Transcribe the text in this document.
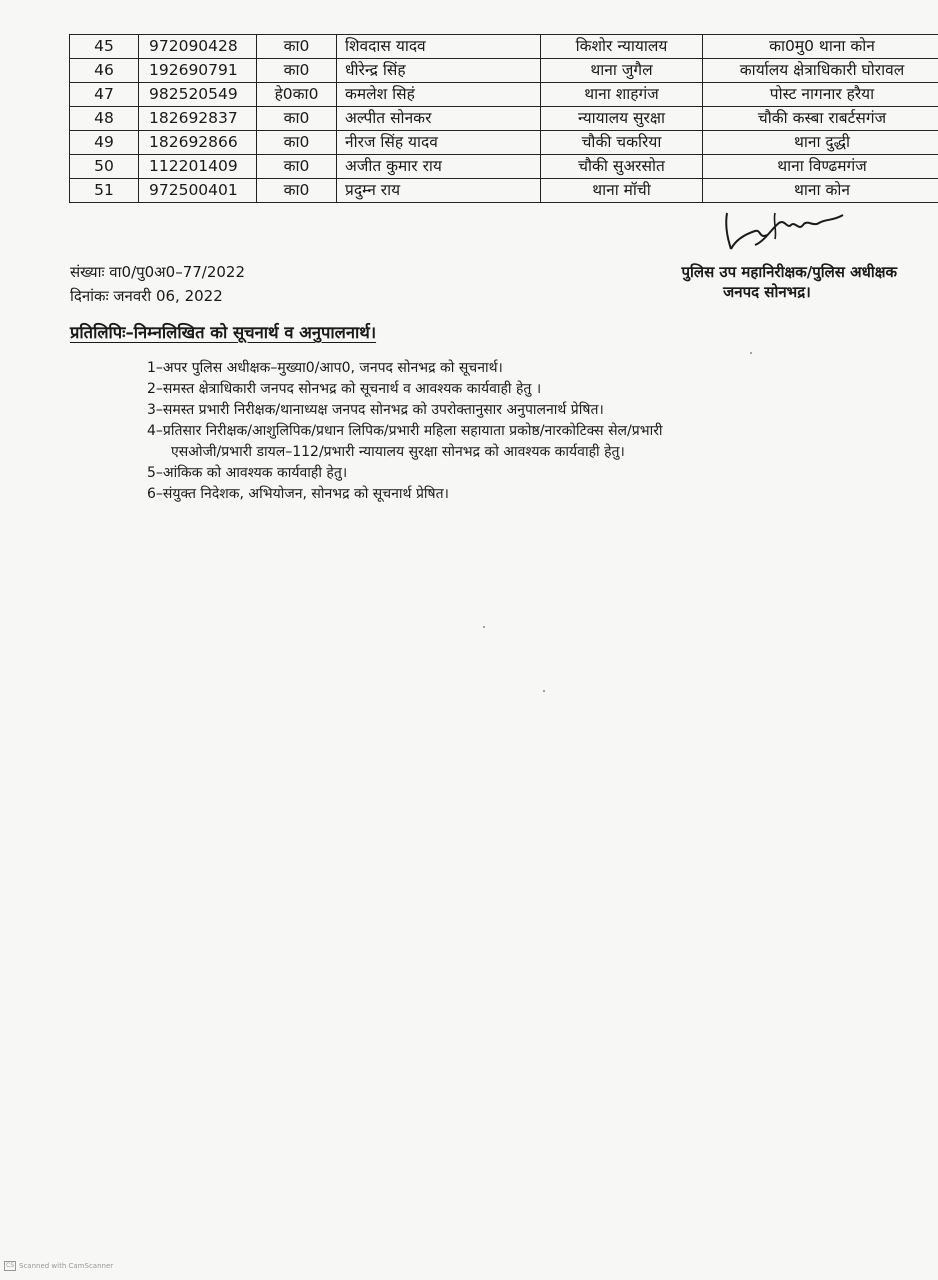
45	972090428	का0	शिवदास यादव	किशोर न्यायालय	का0मु0 थाना कोन
46	192690791	का0	धीरेन्द्र सिंह	थाना जुगैल	कार्यालय क्षेत्राधिकारी घोरावल
47	982520549	हे0का0	कमलेश सिहं	थाना शाहगंज	पोस्ट नागनार हरैया
48	182692837	का0	अल्पीत सोनकर	न्यायालय सुरक्षा	चौकी कस्बा राबर्टसगंज
49	182692866	का0	नीरज सिंह यादव	चौकी चकरिया	थाना दुद्धी
50	112201409	का0	अजीत कुमार राय	चौकी सुअरसोत	थाना विण्ढमगंज
51	972500401	का0	प्रदुम्न राय	थाना मॉची	थाना कोन
संख्याः वा0/पु0अ0–77/2022
दिनांकः जनवरी 06, 2022
पुलिस उप महानिरीक्षक/पुलिस अधीक्षक
जनपद सोनभद्र।
प्रतिलिपिः–निम्नलिखित को सूचनार्थ व अनुपालनार्थ।

1–अपर पुलिस अधीक्षक–मुख्या0/आप0, जनपद सोनभद्र को सूचनार्थ।

2–समस्त क्षेत्राधिकारी जनपद सोनभद्र को सूचनार्थ व आवश्यक कार्यवाही हेतु ।

3–समस्त प्रभारी निरीक्षक/थानाध्यक्ष जनपद सोनभद्र को उपरोक्तानुसार अनुपालनार्थ प्रेषित।

4–प्रतिसार निरीक्षक/आशुलिपिक/प्रधान लिपिक/प्रभारी महिला सहायाता प्रकोष्ठ/नारकोटिक्स सेल/प्रभारी

एसओजी/प्रभारी डायल–112/प्रभारी न्यायालय सुरक्षा सोनभद्र को आवश्यक कार्यवाही हेतु।

5–आंकिक को आवश्यक कार्यवाही हेतु।

6–संयुक्त निदेशक, अभियोजन, सोनभद्र को सूचनार्थ प्रेषित।

CS Scanned with CamScanner
